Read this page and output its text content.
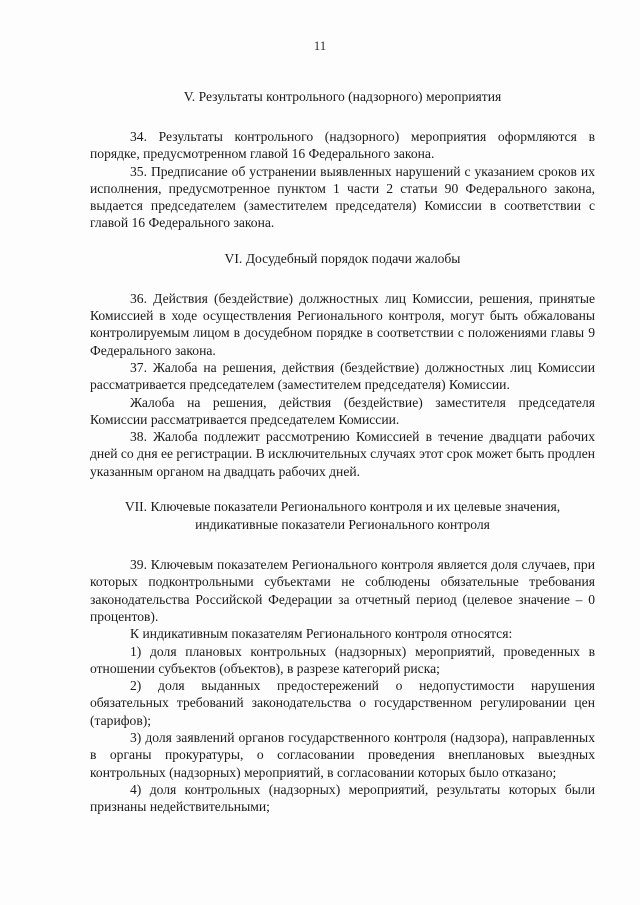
11

V. Результаты контрольного (надзорного) мероприятия

34. Результаты контрольного (надзорного) мероприятия оформляются в порядке, предусмотренном главой 16 Федерального закона.

35. Предписание об устранении выявленных нарушений с указанием сроков их исполнения, предусмотренное пунктом 1 части 2 статьи 90 Федерального закона, выдается председателем (заместителем председателя) Комиссии в соответствии с главой 16 Федерального закона.

VI. Досудебный порядок подачи жалобы

36. Действия (бездействие) должностных лиц Комиссии, решения, принятые Комиссией в ходе осуществления Регионального контроля, могут быть обжалованы контролируемым лицом в досудебном порядке в соответствии с положениями главы 9 Федерального закона.

37. Жалоба на решения, действия (бездействие) должностных лиц Комиссии рассматривается председателем (заместителем председателя) Комиссии.

Жалоба на решения, действия (бездействие) заместителя председателя Комиссии рассматривается председателем Комиссии.

38. Жалоба подлежит рассмотрению Комиссией в течение двадцати рабочих дней со дня ее регистрации. В исключительных случаях этот срок может быть продлен указанным органом на двадцать рабочих дней.

VII. Ключевые показатели Регионального контроля и их целевые значения,

индикативные показатели Регионального контроля

39. Ключевым показателем Регионального контроля является доля случаев, при которых подконтрольными субъектами не соблюдены обязательные требования законодательства Российской Федерации за отчетный период (целевое значение – 0 процентов).

К индикативным показателям Регионального контроля относятся:

1) доля плановых контрольных (надзорных) мероприятий, проведенных в отношении субъектов (объектов), в разрезе категорий риска;

2) доля выданных предостережений о недопустимости нарушения обязательных требований законодательства о государственном регулировании цен (тарифов);

3) доля заявлений органов государственного контроля (надзора), направленных в органы прокуратуры, о согласовании проведения внеплановых выездных контрольных (надзорных) мероприятий, в согласовании которых было отказано;

4) доля контрольных (надзорных) мероприятий, результаты которых были признаны недействительными;
